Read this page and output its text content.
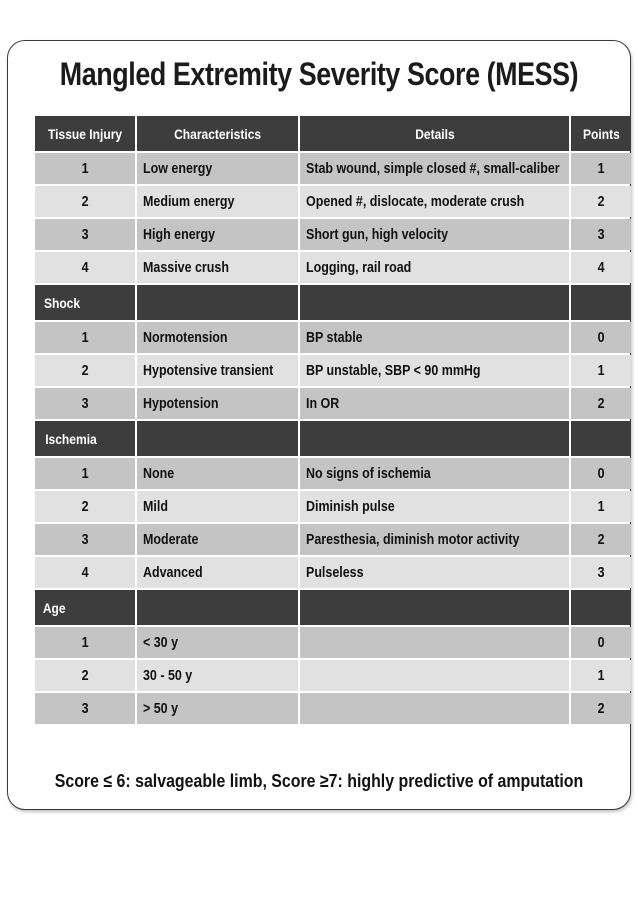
Mangled Extremity Severity Score (MESS)
Tissue Injury	Characteristics	Details	Points
1	Low energy	Stab wound, simple closed #, small-caliber	1
2	Medium energy	Opened #, dislocate, moderate crush	2
3	High energy	Short gun, high velocity	3
4	Massive crush	Logging, rail road	4
Shock			
1	Normotension	BP stable	0
2	Hypotensive transient	BP unstable, SBP < 90 mmHg	1
3	Hypotension	In OR	2
Ischemia			
1	None	No signs of ischemia	0
2	Mild	Diminish pulse	1
3	Moderate	Paresthesia, diminish motor activity	2
4	Advanced	Pulseless	3
Age			
1	< 30 y		0
2	30 - 50 y		1
3	> 50 y		2
Score ≤ 6: salvageable limb, Score ≥7: highly predictive of amputation
